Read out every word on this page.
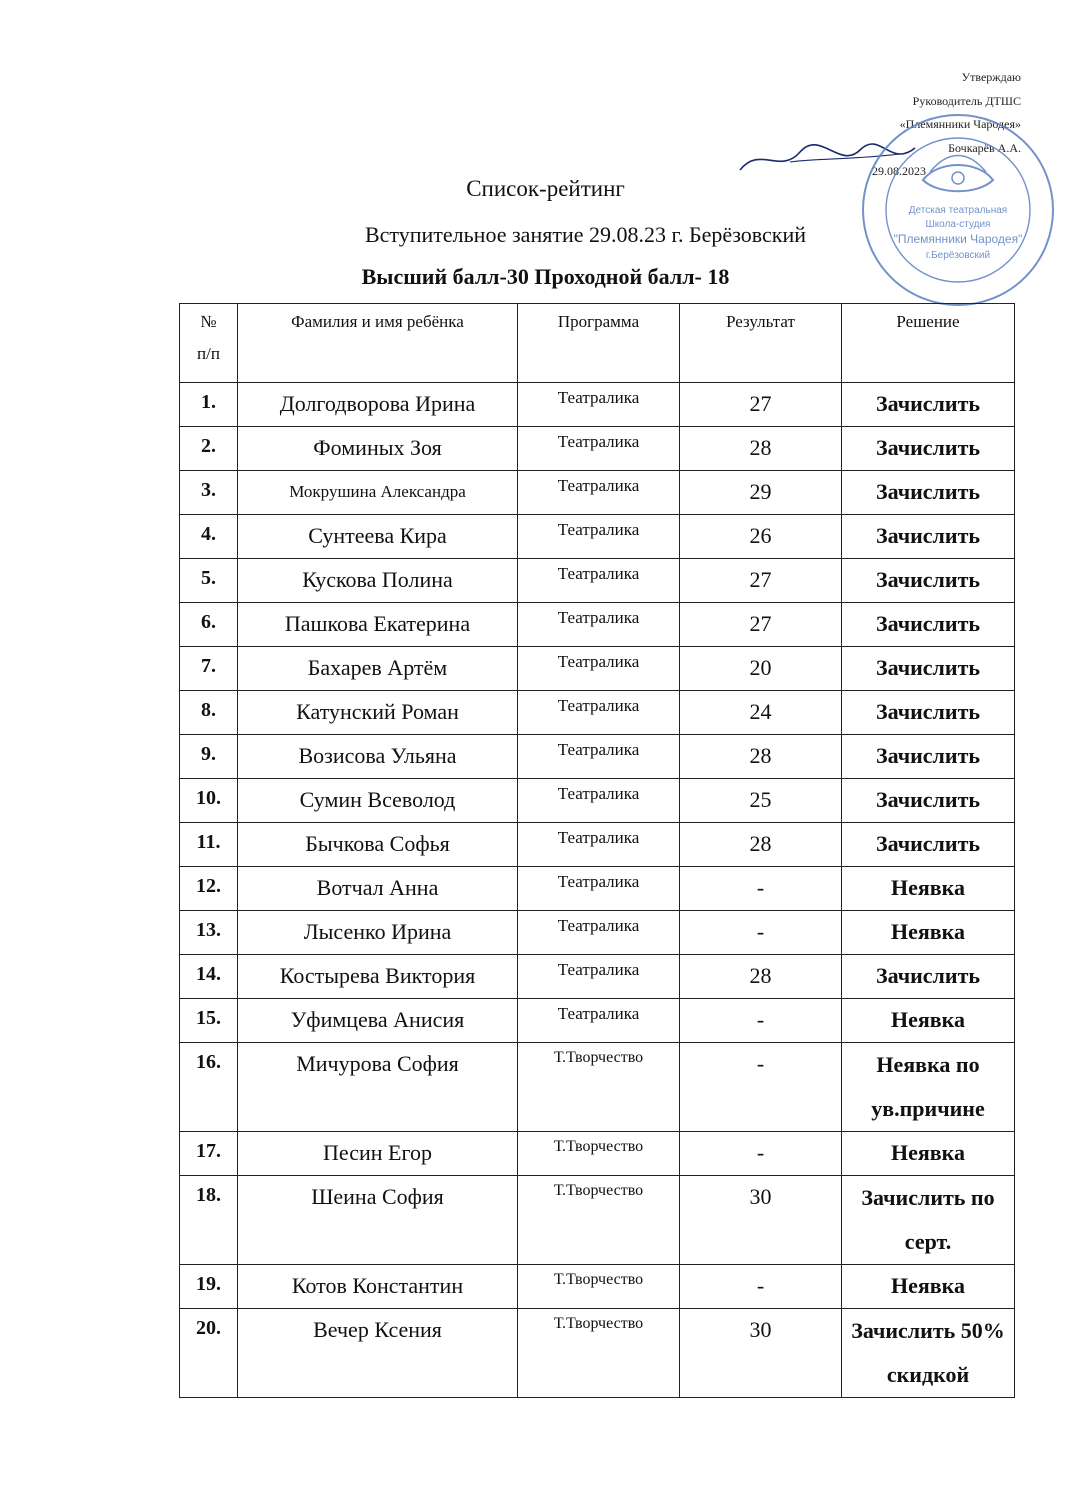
Утверждаю
Руководитель ДТШС
«Племянники Чародея»
Бочкарёв А.А.
29.08.2023
Детская театральная
Школа-студия
"Племянники Чародея"
г.Берёзовский
Список-рейтинг
Вступительное занятие 29.08.23 г. Берёзовский
Высший балл-30 Проходной балл- 18
№
п/п	Фамилия и имя ребёнка	Программа	Результат	Решение
1.	Долгодворова Ирина	Театралика	27	Зачислить
2.	Фоминых Зоя	Театралика	28	Зачислить
3.	Мокрушина Александра	Театралика	29	Зачислить
4.	Сунтеева Кира	Театралика	26	Зачислить
5.	Кускова Полина	Театралика	27	Зачислить
6.	Пашкова Екатерина	Театралика	27	Зачислить
7.	Бахарев Артём	Театралика	20	Зачислить
8.	Катунский Роман	Театралика	24	Зачислить
9.	Возисова Ульяна	Театралика	28	Зачислить
10.	Сумин Всеволод	Театралика	25	Зачислить
11.	Бычкова Софья	Театралика	28	Зачислить
12.	Вотчал Анна	Театралика	-	Неявка
13.	Лысенко Ирина	Театралика	-	Неявка
14.	Костырева Виктория	Театралика	28	Зачислить
15.	Уфимцева Анисия	Театралика	-	Неявка
16.	Мичурова София	Т.Творчество	-	Неявка по ув.причине
17.	Песин Егор	Т.Творчество	-	Неявка
18.	Шеина София	Т.Творчество	30	Зачислить по серт.
19.	Котов Константин	Т.Творчество	-	Неявка
20.	Вечер Ксения	Т.Творчество	30	Зачислить 50% скидкой
